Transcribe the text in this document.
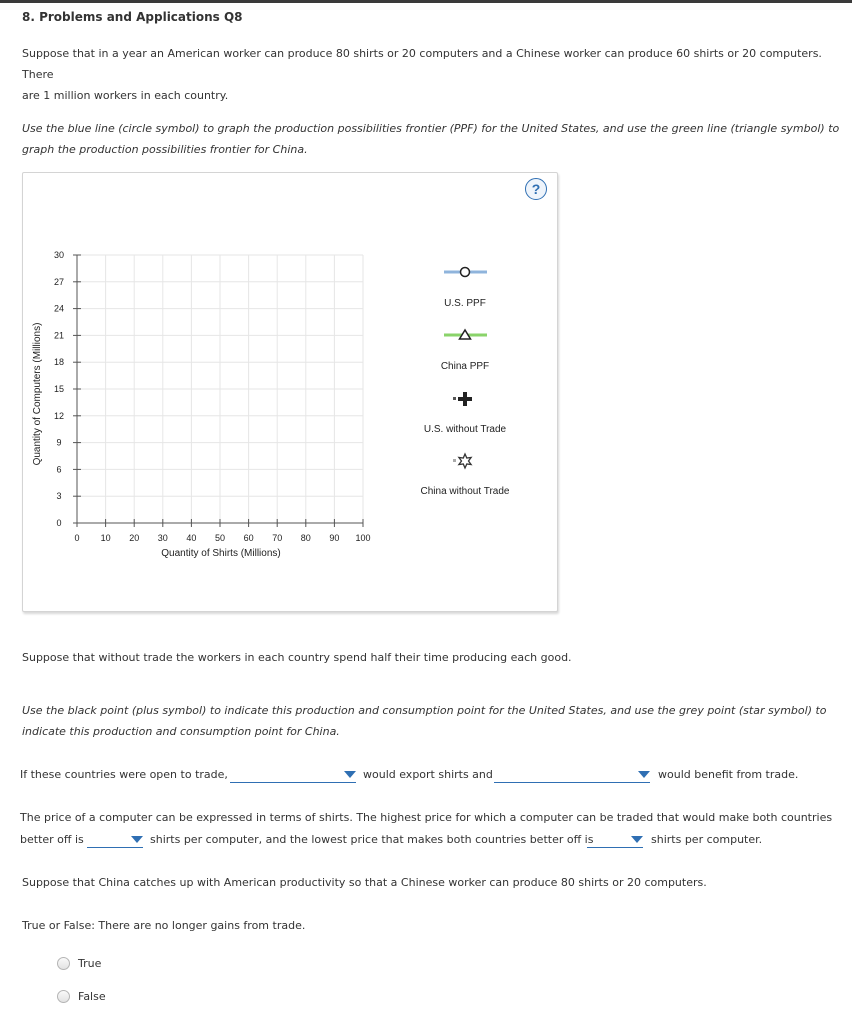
8. Problems and Applications Q8
Suppose that in a year an American worker can produce 80 shirts or 20 computers and a Chinese worker can produce 60 shirts or 20 computers. There
are 1 million workers in each country.
Use the blue line (circle symbol) to graph the production possibilities frontier (PPF) for the United States, and use the green line (triangle symbol) to
graph the production possibilities frontier for China.
?
0 10 20 30 40 50 60 70 80 90 100
0
3
6
9
12
15
18
21
24
27
30
Quantity of Shirts (Millions)
Quantity of Computers (Millions)
U.S. PPF
China PPF
U.S. without Trade
China without Trade
Suppose that without trade the workers in each country spend half their time producing each good.
Use the black point (plus symbol) to indicate this production and consumption point for the United States, and use the grey point (star symbol) to
indicate this production and consumption point for China.
If these countries were open to trade,	would export shirts and	would benefit from trade.
The price of a computer can be expressed in terms of shirts. The highest price for which a computer can be traded that would make both countries
better off is	shirts per computer, and the lowest price that makes both countries better off is	shirts per computer.
Suppose that China catches up with American productivity so that a Chinese worker can produce 80 shirts or 20 computers.
True or False: There are no longer gains from trade.
True
False
